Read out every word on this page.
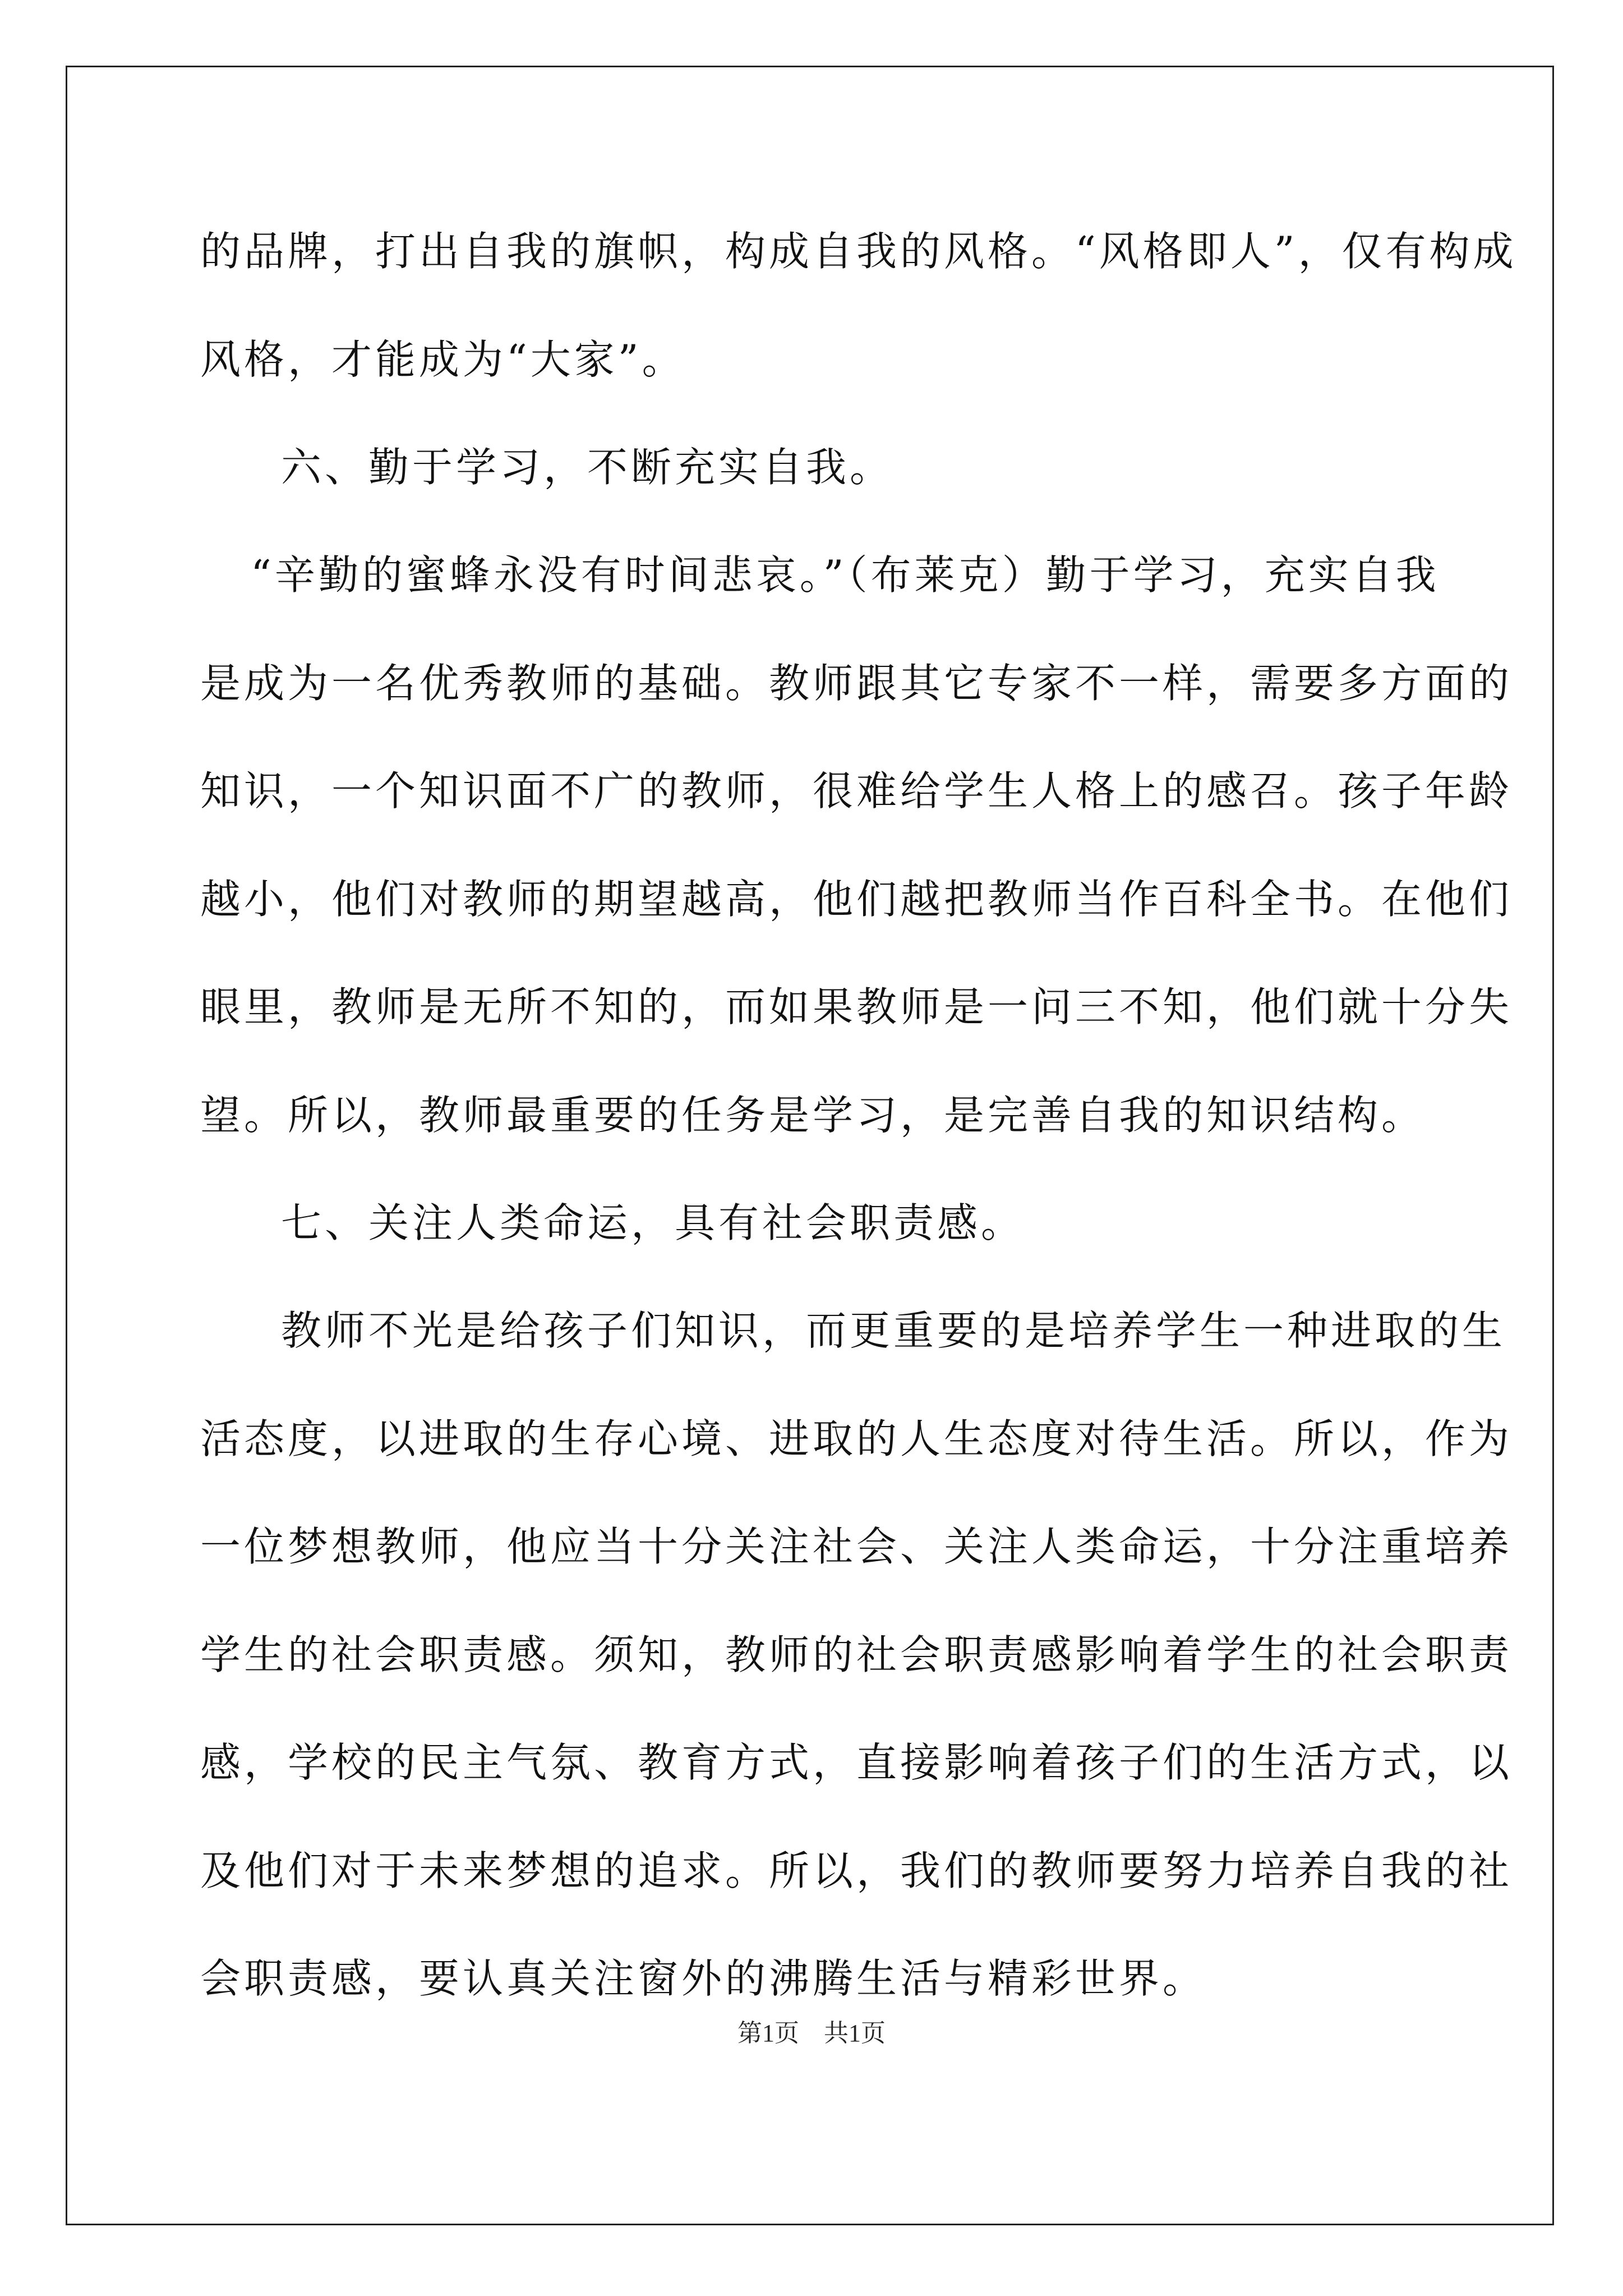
的品牌，打出自我的旗帜，构成自我的风格。“风格即人”，仅有构成
风格，才能成为“大家”。
六、勤于学习，不断充实自我。
“辛勤的蜜蜂永没有时间悲哀。”（布莱克）勤于学习，充实自我
是成为一名优秀教师的基础。教师跟其它专家不一样，需要多方面的
知识，一个知识面不广的教师，很难给学生人格上的感召。孩子年龄
越小，他们对教师的期望越高，他们越把教师当作百科全书。在他们
眼里，教师是无所不知的，而如果教师是一问三不知，他们就十分失
望。所以，教师最重要的任务是学习，是完善自我的知识结构。
七、关注人类命运，具有社会职责感。
教师不光是给孩子们知识，而更重要的是培养学生一种进取的生
活态度，以进取的生存心境、进取的人生态度对待生活。所以，作为
一位梦想教师，他应当十分关注社会、关注人类命运，十分注重培养
学生的社会职责感。须知，教师的社会职责感影响着学生的社会职责
感，学校的民主气氛、教育方式，直接影响着孩子们的生活方式，以
及他们对于未来梦想的追求。所以，我们的教师要努力培养自我的社
会职责感，要认真关注窗外的沸腾生活与精彩世界。
第1页　共1页
